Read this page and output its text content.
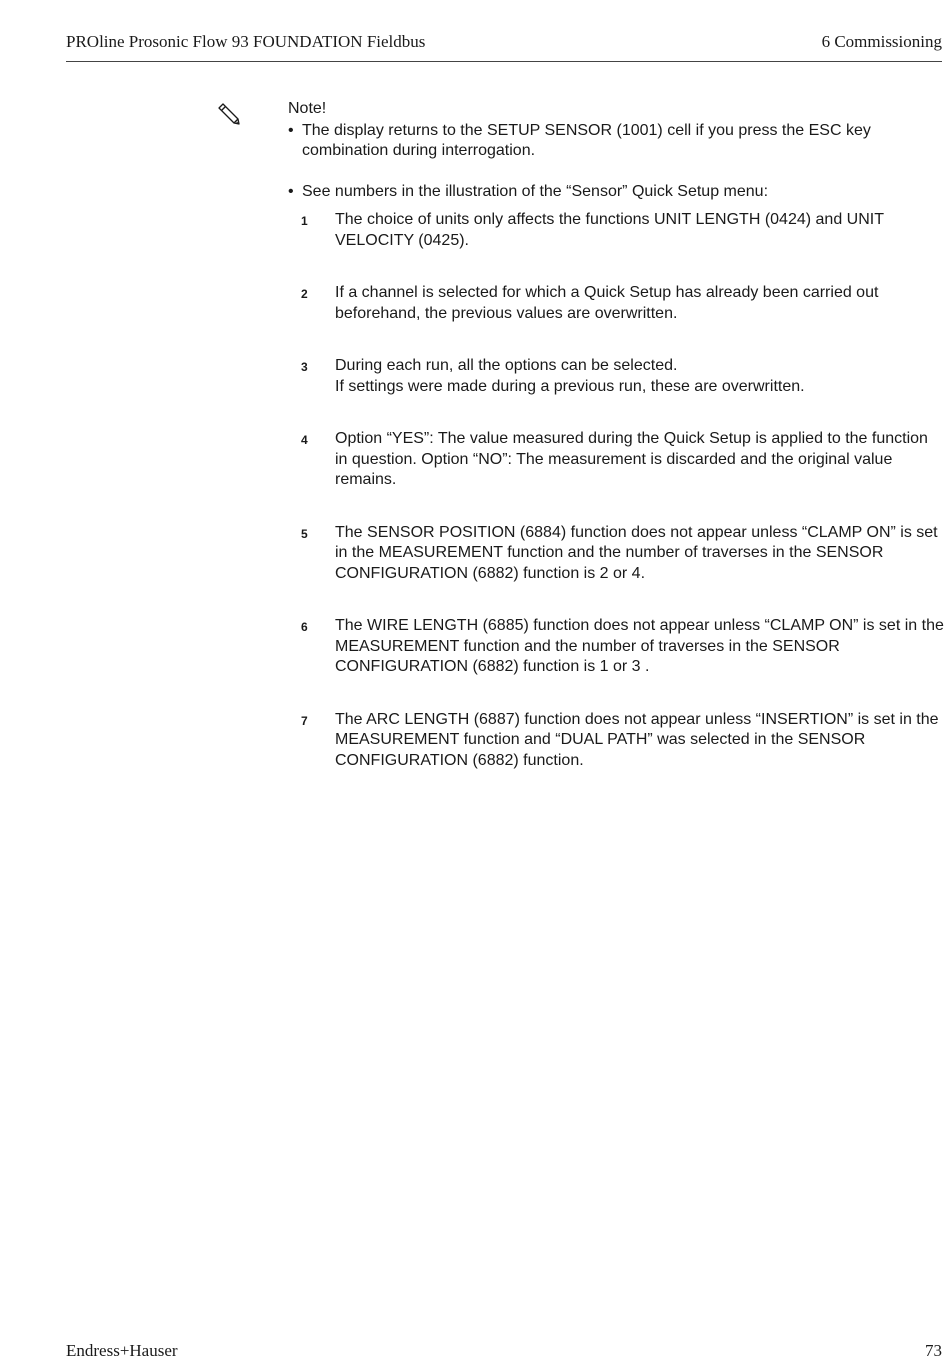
PROline Prosonic Flow 93 FOUNDATION Fieldbus	6 Commissioning
Note!
• The display returns to the SETUP SENSOR (1001) cell if you press the ESC key combination during interrogation.
• See numbers in the illustration of the “Sensor” Quick Setup menu:
1 The choice of units only affects the functions UNIT LENGTH (0424) and UNIT VELOCITY (0425).
2 If a channel is selected for which a Quick Setup has already been carried out beforehand, the previous values are overwritten.
3 During each run, all the options can be selected.
If settings were made during a previous run, these are overwritten.
4 Option “YES”: The value measured during the Quick Setup is applied to the function in question. Option “NO”: The measurement is discarded and the original value remains.
5 The SENSOR POSITION (6884) function does not appear unless “CLAMP ON” is set in the MEASUREMENT function and the number of traverses in the SENSOR CONFIGURATION (6882) function is 2 or 4.
6 The WIRE LENGTH (6885) function does not appear unless “CLAMP ON” is set in the MEASUREMENT function and the number of traverses in the SENSOR CONFIGURATION (6882) function is 1 or 3 .
7 The ARC LENGTH (6887) function does not appear unless “INSERTION” is set in the MEASUREMENT function and “DUAL PATH” was selected in the SENSOR CONFIGURATION (6882) function.
Endress+Hauser	73
